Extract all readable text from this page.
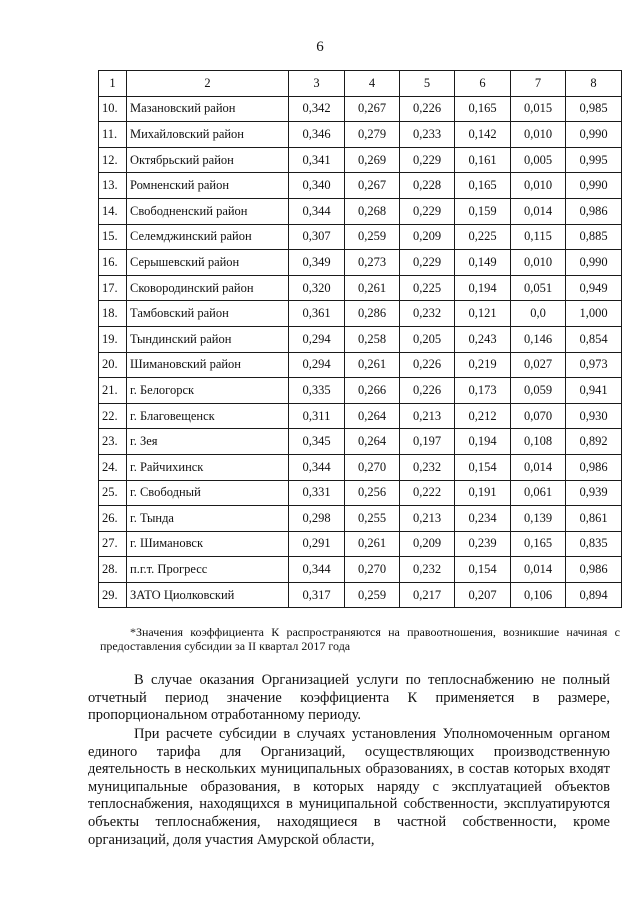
6
1	2	3	4	5	6	7	8
10.	Мазановский район	0,342	0,267	0,226	0,165	0,015	0,985
11.	Михайловский район	0,346	0,279	0,233	0,142	0,010	0,990
12.	Октябрьский район	0,341	0,269	0,229	0,161	0,005	0,995
13.	Ромненский район	0,340	0,267	0,228	0,165	0,010	0,990
14.	Свободненский район	0,344	0,268	0,229	0,159	0,014	0,986
15.	Селемджинский район	0,307	0,259	0,209	0,225	0,115	0,885
16.	Серышевский район	0,349	0,273	0,229	0,149	0,010	0,990
17.	Сковородинский район	0,320	0,261	0,225	0,194	0,051	0,949
18.	Тамбовский район	0,361	0,286	0,232	0,121	0,0	1,000
19.	Тындинский район	0,294	0,258	0,205	0,243	0,146	0,854
20.	Шимановский район	0,294	0,261	0,226	0,219	0,027	0,973
21.	г. Белогорск	0,335	0,266	0,226	0,173	0,059	0,941
22.	г. Благовещенск	0,311	0,264	0,213	0,212	0,070	0,930
23.	г. Зея	0,345	0,264	0,197	0,194	0,108	0,892
24.	г. Райчихинск	0,344	0,270	0,232	0,154	0,014	0,986
25.	г. Свободный	0,331	0,256	0,222	0,191	0,061	0,939
26.	г. Тында	0,298	0,255	0,213	0,234	0,139	0,861
27.	г. Шимановск	0,291	0,261	0,209	0,239	0,165	0,835
28.	п.г.т. Прогресс	0,344	0,270	0,232	0,154	0,014	0,986
29.	ЗАТО Циолковский	0,317	0,259	0,217	0,207	0,106	0,894
*Значения коэффициента К распространяются на правоотношения, возникшие начиная с предоставления субсидии за II квартал 2017 года
В случае оказания Организацией услуги по теплоснабжению не полный отчетный период значение коэффициента К применяется в размере, пропорциональном отработанному периоду.
При расчете субсидии в случаях установления Уполномоченным органом единого тарифа для Организаций, осуществляющих производственную деятельность в нескольких муниципальных образованиях, в состав которых входят муниципальные образования, в которых наряду с эксплуатацией объектов теплоснабжения, находящихся в муниципальной собственности, эксплуатируются объекты теплоснабжения, находящиеся в частной собственности, кроме организаций, доля участия Амурской области,
